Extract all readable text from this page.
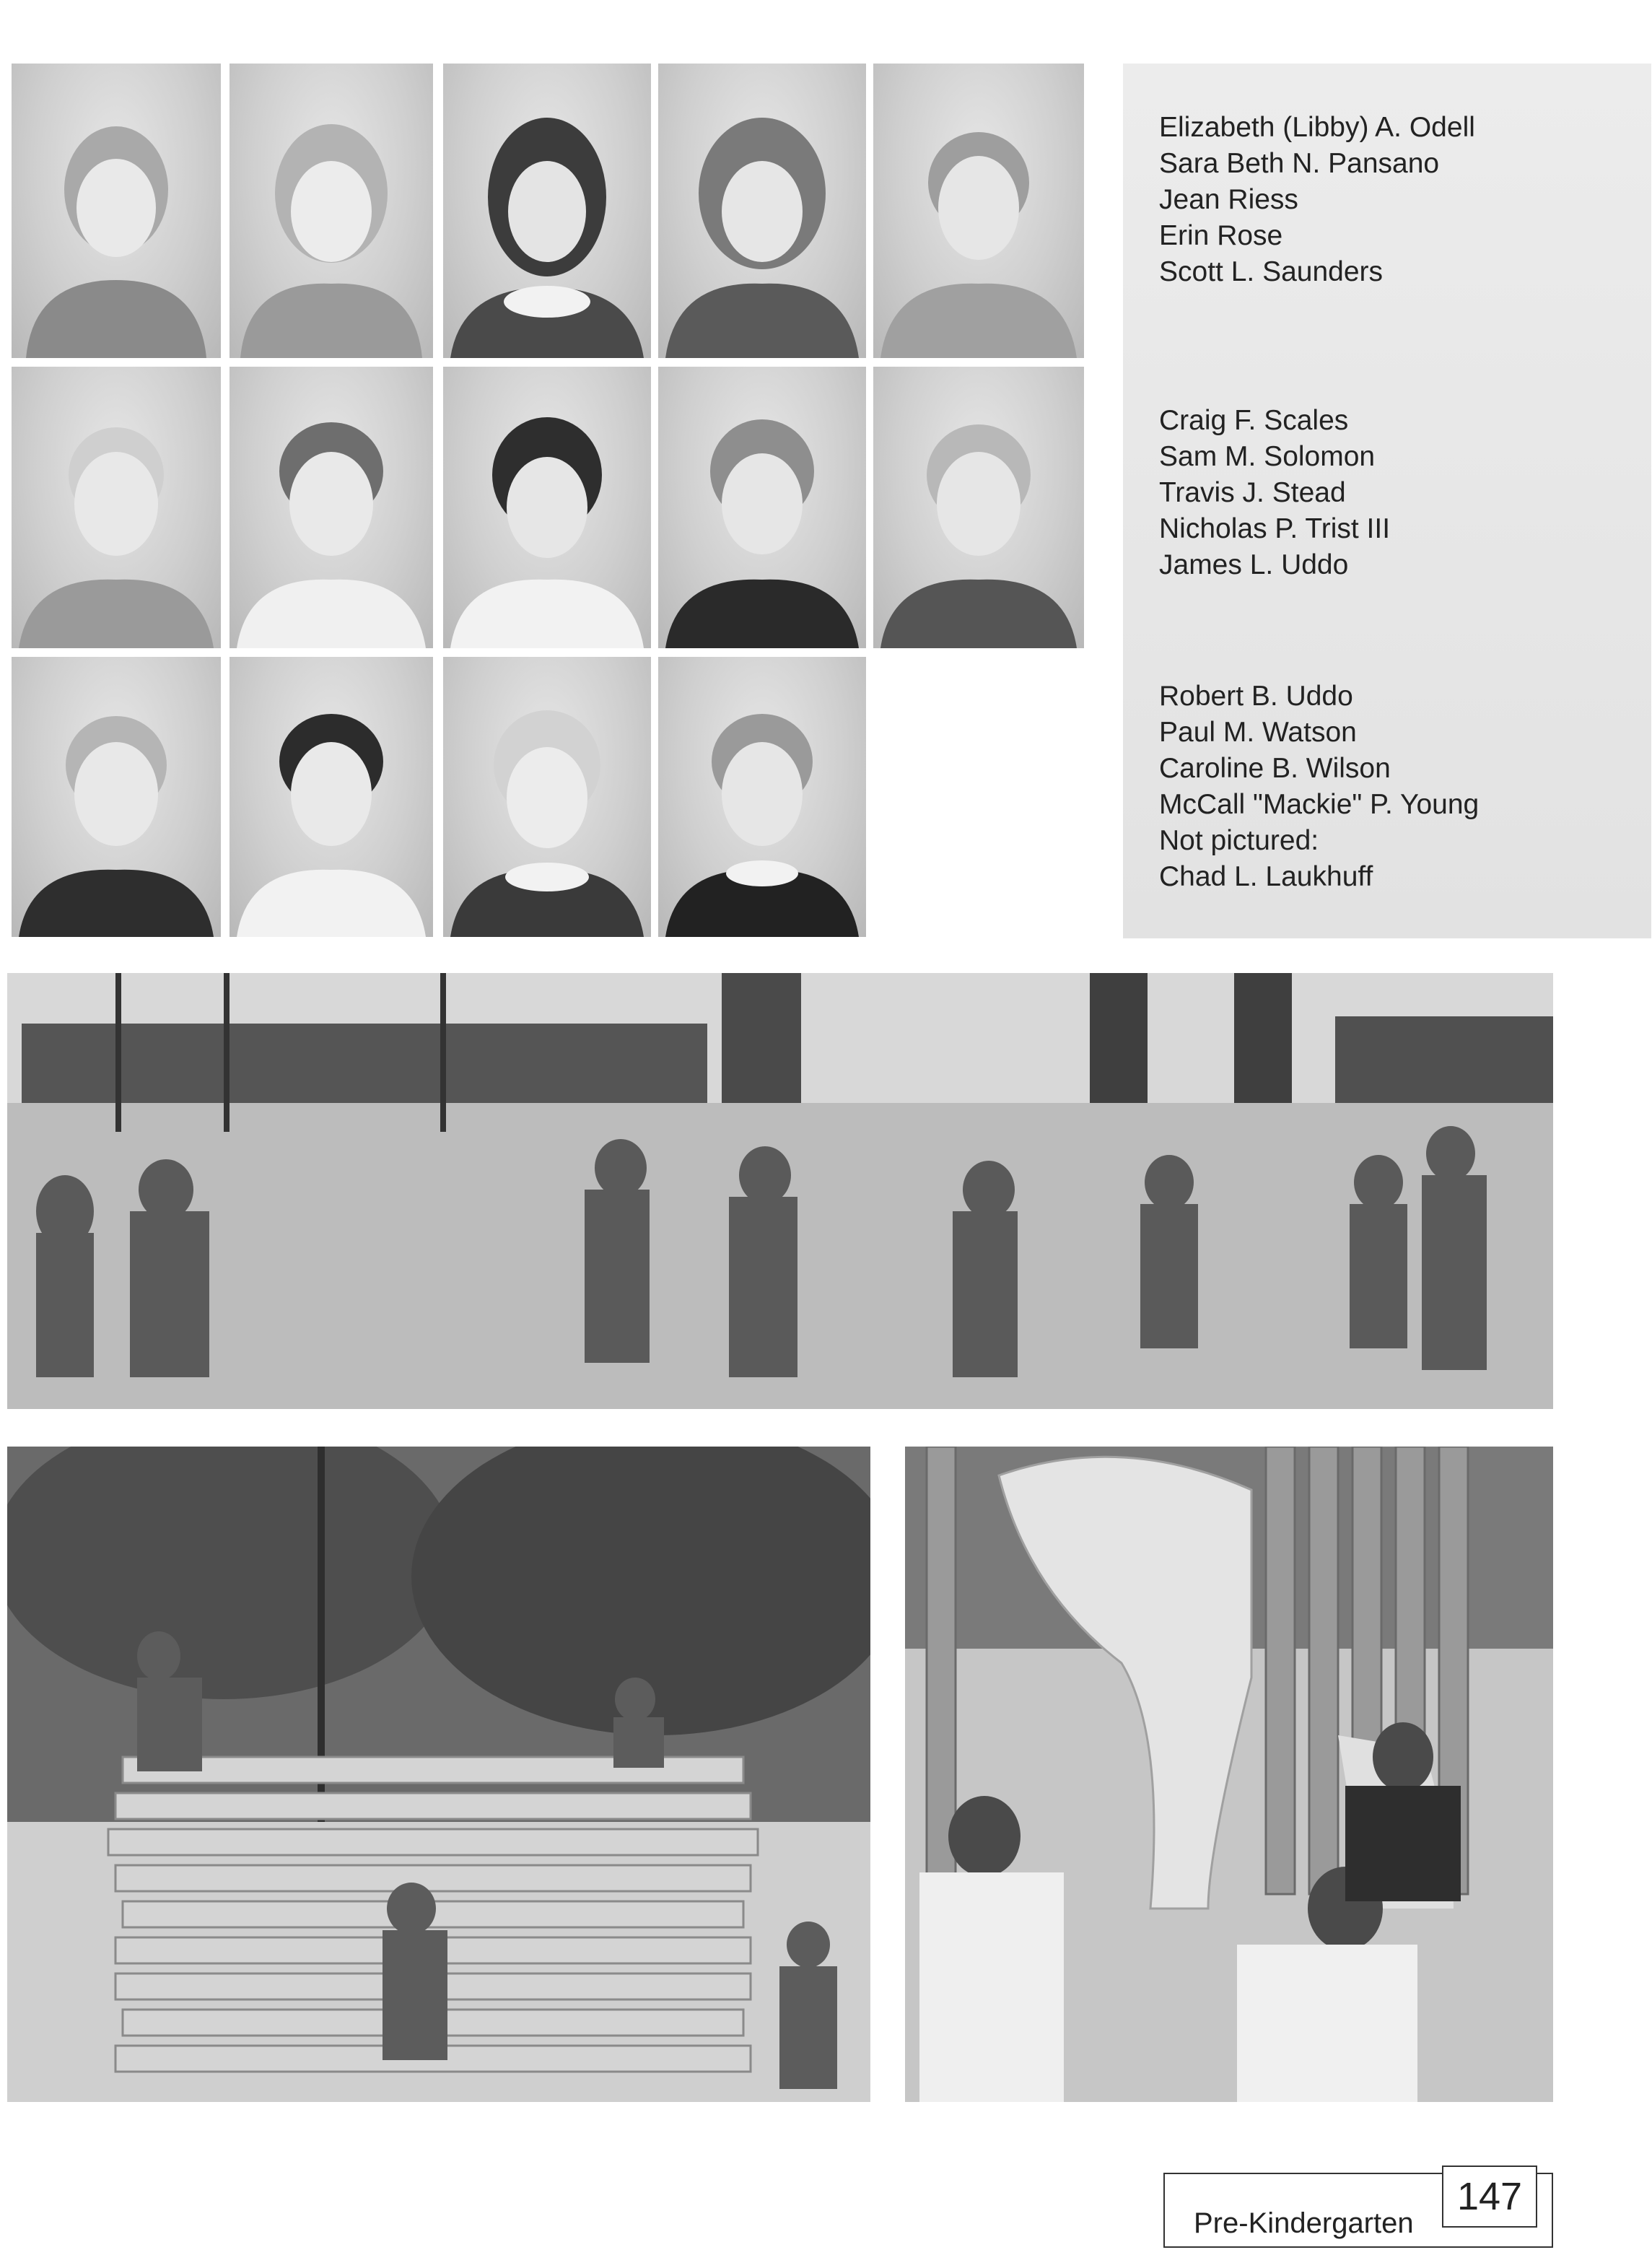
Elizabeth (Libby) A. Odell
Sara Beth N. Pansano
Jean Riess
Erin Rose
Scott L. Saunders
Craig F. Scales
Sam M. Solomon
Travis J. Stead
Nicholas P. Trist III
James L. Uddo
Robert B. Uddo
Paul M. Watson
Caroline B. Wilson
McCall "Mackie" P. Young
Not pictured:
Chad L. Laukhuff
Pre-Kindergarten
147
